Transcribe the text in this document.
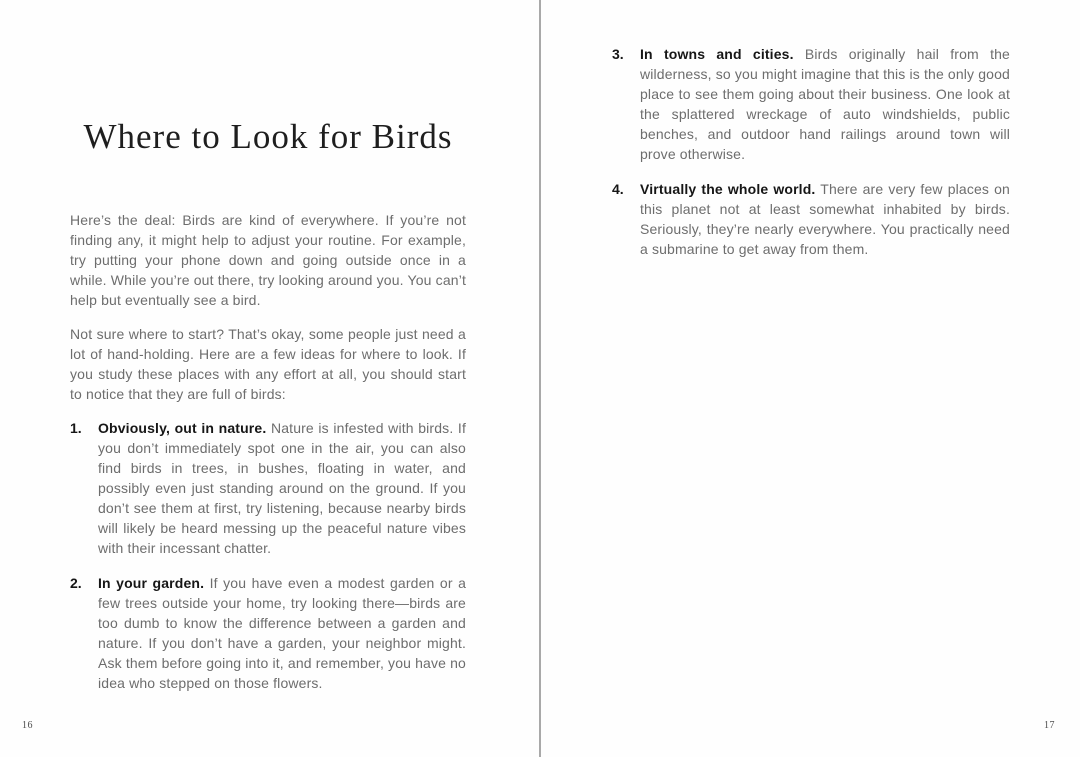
Where to Look for Birds

Here’s the deal: Birds are kind of everywhere. If you’re not finding any, it might help to adjust your routine. For example, try putting your phone down and going outside once in a while. While you’re out there, try looking around you. You can’t help but eventually see a bird.

Not sure where to start? That’s okay, some people just need a lot of hand-holding. Here are a few ideas for where to look. If you study these places with any effort at all, you should start to notice that they are full of birds:

1.	Obviously, out in nature. Nature is infested with birds. If you don’t immediately spot one in the air, you can also find birds in trees, in bushes, floating in water, and possibly even just standing around on the ground. If you don’t see them at first, try listening, because nearby birds will likely be heard messing up the peaceful nature vibes with their incessant chatter.

2.	In your garden. If you have even a modest garden or a few trees outside your home, try looking there—birds are too dumb to know the difference between a garden and nature. If you don’t have a garden, your neighbor might. Ask them before going into it, and remember, you have no idea who stepped on those flowers.

3.	In towns and cities. Birds originally hail from the wilderness, so you might imagine that this is the only good place to see them going about their business. One look at the splattered wreckage of auto windshields, public benches, and outdoor hand railings around town will prove otherwise.

4.	Virtually the whole world. There are very few places on this planet not at least somewhat inhabited by birds. Seriously, they’re nearly everywhere. You practically need a submarine to get away from them.

16	17
